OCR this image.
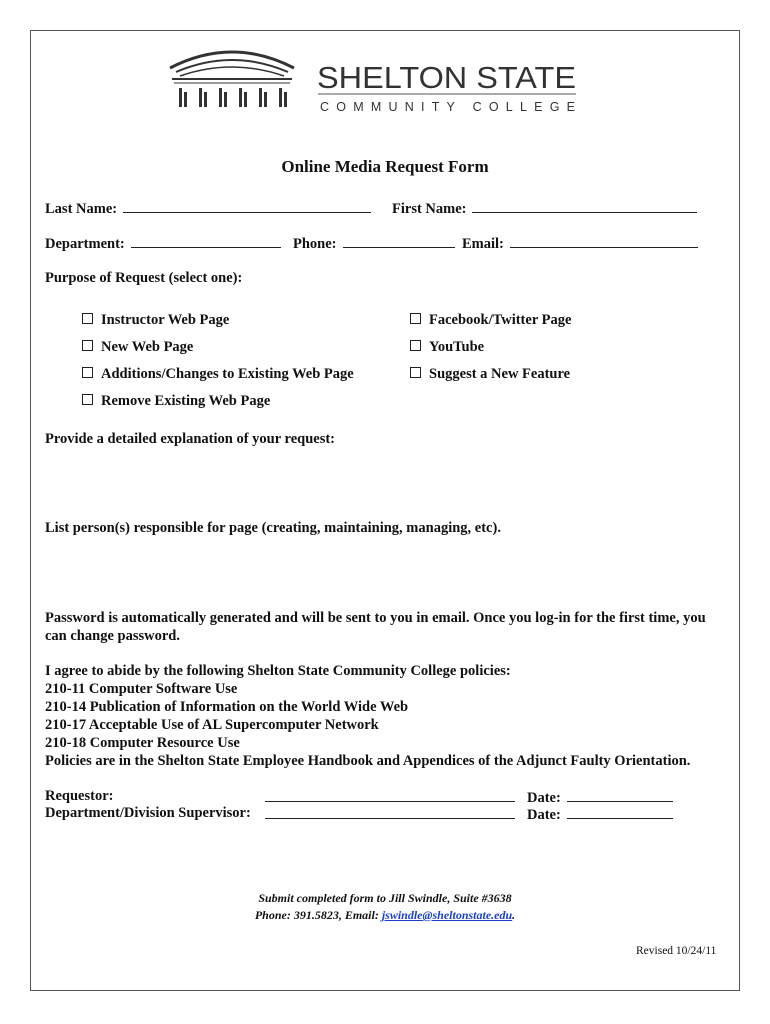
SHELTON STATE
COMMUNITY COLLEGE
Online Media Request Form
Last Name:	First Name:
Department:	Phone:	Email:
Purpose of Request (select one):
Instructor Web Page
New Web Page
Additions/Changes to Existing Web Page
Remove Existing Web Page
Facebook/Twitter Page
YouTube
Suggest a New Feature
Provide a detailed explanation of your request:
List person(s) responsible for page (creating, maintaining, managing, etc).
Password is automatically generated and will be sent to you in email. Once you log-in for the first time, you can change password.
I agree to abide by the following Shelton State Community College policies:
210-11 Computer Software Use
210-14 Publication of Information on the World Wide Web
210-17 Acceptable Use of AL Supercomputer Network
210-18 Computer Resource Use
Policies are in the Shelton State Employee Handbook and Appendices of the Adjunct Faulty Orientation.
Requestor:	Date:
Department/Division Supervisor:	Date:
Submit completed form to Jill Swindle, Suite #3638
Phone: 391.5823, Email: jswindle@sheltonstate.edu.
Revised 10/24/11
